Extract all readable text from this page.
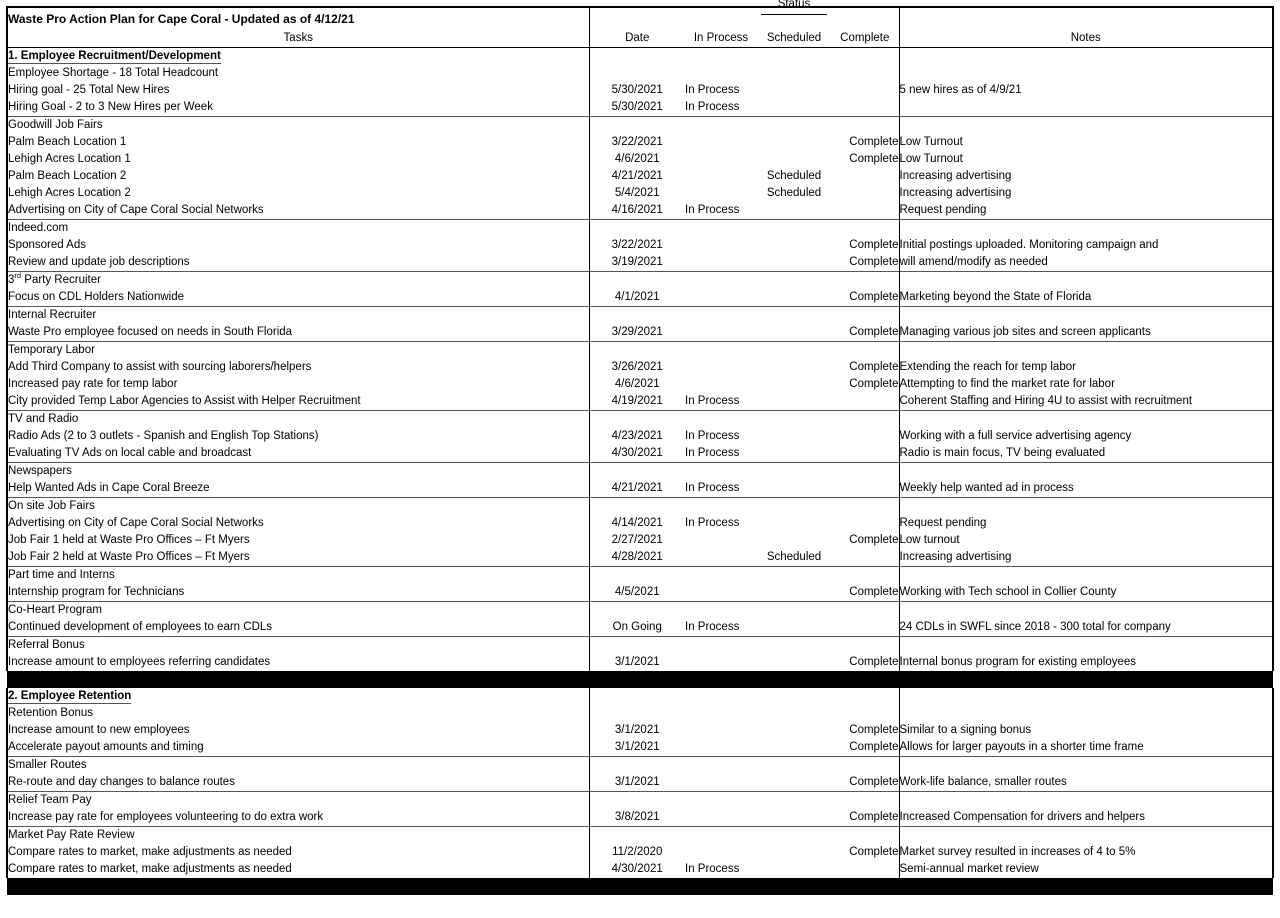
Waste Pro Action Plan for Cape Coral - Updated as of 4/12/21			Status		

Tasks	Date	In Process	Scheduled	Complete	Notes
1. Employee Recruitment/Development					
Employee Shortage - 18 Total Headcount					
Hiring goal - 25 Total New Hires	5/30/2021	In Process			5 new hires as of 4/9/21
Hiring Goal - 2 to 3 New Hires per Week	5/30/2021	In Process			
Goodwill Job Fairs					
Palm Beach Location 1	3/22/2021			Complete	Low Turnout
Lehigh Acres Location 1	4/6/2021			Complete	Low Turnout
Palm Beach Location 2	4/21/2021		Scheduled		Increasing advertising
Lehigh Acres Location 2	5/4/2021		Scheduled		Increasing advertising
Advertising on City of Cape Coral Social Networks	4/16/2021	In Process			Request pending
Indeed.com					
Sponsored Ads	3/22/2021			Complete	Initial postings uploaded. Monitoring campaign and
Review and update job descriptions	3/19/2021			Complete	will amend/modify as needed
3rd Party Recruiter					
Focus on CDL Holders Nationwide	4/1/2021			Complete	Marketing beyond the State of Florida
Internal Recruiter					
Waste Pro employee focused on needs in South Florida	3/29/2021			Complete	Managing various job sites and screen applicants
Temporary Labor					
Add Third Company to assist with sourcing laborers/helpers	3/26/2021			Complete	Extending the reach for temp labor
Increased pay rate for temp labor	4/6/2021			Complete	Attempting to find the market rate for labor
City provided Temp Labor Agencies to Assist with Helper Recruitment	4/19/2021	In Process			Coherent Staffing and Hiring 4U to assist with recruitment
TV and Radio					
Radio Ads (2 to 3 outlets - Spanish and English Top Stations)	4/23/2021	In Process			Working with a full service advertising agency
Evaluating TV Ads on local cable and broadcast	4/30/2021	In Process			Radio is main focus, TV being evaluated
Newspapers					
Help Wanted Ads in Cape Coral Breeze	4/21/2021	In Process			Weekly help wanted ad in process
On site Job Fairs					
Advertising on City of Cape Coral Social Networks	4/14/2021	In Process			Request pending
Job Fair 1 held at Waste Pro Offices – Ft Myers	2/27/2021			Complete	Low turnout
Job Fair 2 held at Waste Pro Offices – Ft Myers	4/28/2021		Scheduled		Increasing advertising
Part time and Interns					
Internship program for Technicians	4/5/2021			Complete	Working with Tech school in Collier County
Co-Heart Program					
Continued development of employees to earn CDLs	On Going	In Process			24 CDLs in SWFL since 2018 - 300 total for company
Referral Bonus					
Increase amount to employees referring candidates	3/1/2021			Complete	Internal bonus program for existing employees

2. Employee Retention					
Retention Bonus					
Increase amount to new employees	3/1/2021			Complete	Similar to a signing bonus
Accelerate payout amounts and timing	3/1/2021			Complete	Allows for larger payouts in a shorter time frame
Smaller Routes					
Re-route and day changes to balance routes	3/1/2021			Complete	Work-life balance, smaller routes
Relief Team Pay					
Increase pay rate for employees volunteering to do extra work	3/8/2021			Complete	Increased Compensation for drivers and helpers
Market Pay Rate Review					
Compare rates to market, make adjustments as needed	11/2/2020			Complete	Market survey resulted in increases of 4 to 5%
Compare rates to market, make adjustments as needed	4/30/2021	In Process			Semi-annual market review
